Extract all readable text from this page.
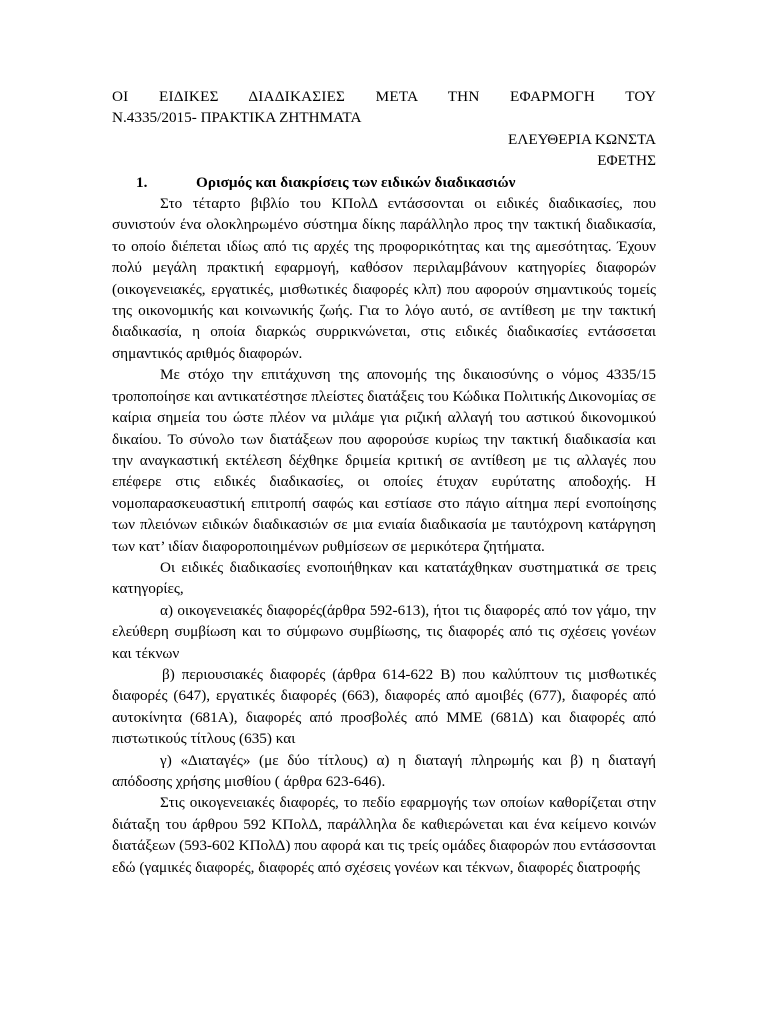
ΟΙ ΕΙΔΙΚΕΣ ΔΙΑΔΙΚΑΣΙΕΣ ΜΕΤΑ ΤΗΝ ΕΦΑΡΜΟΓΗ ΤΟΥ

Ν.4335/2015- ΠΡΑΚΤΙΚΑ ΖΗΤΗΜΑΤΑ

ΕΛΕΥΘΕΡΙΑ ΚΩΝΣΤΑ

ΕΦΕΤΗΣ

1.	Ορισμός και διακρίσεις των ειδικών διαδικασιών

Στο τέταρτο βιβλίο του ΚΠολΔ εντάσσονται οι ειδικές διαδικασίες, που συνιστούν ένα ολοκληρωμένο σύστημα δίκης παράλληλο προς την τακτική διαδικασία, το οποίο διέπεται ιδίως από τις αρχές της προφορικότητας και της αμεσότητας. Έχουν πολύ μεγάλη πρακτική εφαρμογή, καθόσον περιλαμβάνουν κατηγορίες διαφορών (οικογενειακές, εργατικές, μισθωτικές διαφορές κλπ) που αφορούν σημαντικούς τομείς της οικονομικής και κοινωνικής ζωής. Για το λόγο αυτό, σε αντίθεση με την τακτική διαδικασία, η οποία διαρκώς συρρικνώνεται, στις ειδικές διαδικασίες εντάσσεται σημαντικός αριθμός διαφορών.

Με στόχο την επιτάχυνση της απονομής της δικαιοσύνης ο νόμος 4335/15 τροποποίησε και αντικατέστησε πλείστες διατάξεις του Κώδικα Πολιτικής Δικονομίας σε καίρια σημεία του ώστε πλέον να μιλάμε για ριζική αλλαγή του αστικού δικονομικού δικαίου. Το σύνολο των διατάξεων που αφορούσε κυρίως την τακτική διαδικασία και την αναγκαστική εκτέλεση δέχθηκε δριμεία κριτική σε αντίθεση με τις αλλαγές που επέφερε στις ειδικές διαδικασίες, οι οποίες έτυχαν ευρύτατης αποδοχής. Η νομοπαρασκευαστική επιτροπή σαφώς και εστίασε στο πάγιο αίτημα περί ενοποίησης των πλειόνων ειδικών διαδικασιών σε μια ενιαία διαδικασία με ταυτόχρονη κατάργηση των κατ’ ιδίαν διαφοροποιημένων ρυθμίσεων σε μερικότερα ζητήματα.

Οι ειδικές διαδικασίες ενοποιήθηκαν και κατατάχθηκαν συστηματικά σε τρεις κατηγορίες,

α) οικογενειακές διαφορές(άρθρα 592-613), ήτοι τις διαφορές από τον γάμο, την ελεύθερη συμβίωση και το σύμφωνο συμβίωσης, τις διαφορές από τις σχέσεις γονέων και τέκνων

β) περιουσιακές διαφορές (άρθρα 614-622 Β) που καλύπτουν τις μισθωτικές διαφορές (647), εργατικές διαφορές (663), διαφορές από αμοιβές (677), διαφορές από αυτοκίνητα (681Α), διαφορές από προσβολές από ΜΜΕ (681Δ) και διαφορές από πιστωτικούς τίτλους (635) και

γ) «Διαταγές» (με δύο τίτλους) α) η διαταγή πληρωμής και β) η διαταγή απόδοσης χρήσης μισθίου ( άρθρα 623-646).

Στις οικογενειακές διαφορές, το πεδίο εφαρμογής των οποίων καθορίζεται στην διάταξη του άρθρου 592 ΚΠολΔ, παράλληλα δε καθιερώνεται και ένα κείμενο κοινών διατάξεων (593-602 ΚΠολΔ) που αφορά και τις τρείς ομάδες διαφορών που εντάσσονται εδώ (γαμικές διαφορές, διαφορές από σχέσεις γονέων και τέκνων, διαφορές διατροφής
